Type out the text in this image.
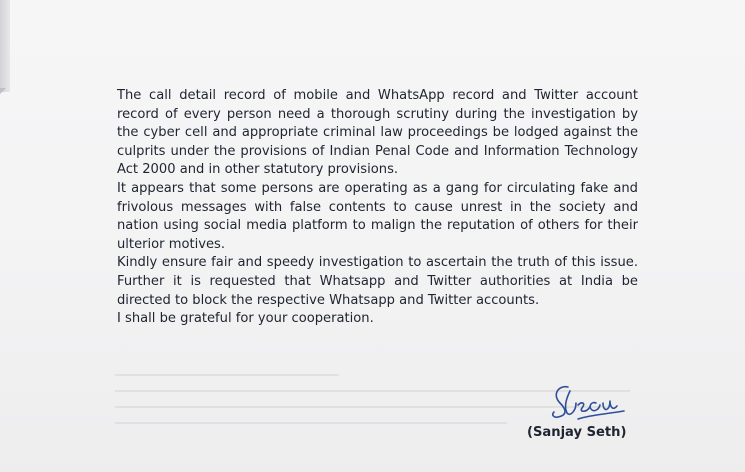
The call detail record of mobile and WhatsApp record and Twitter account record of every person need a thorough scrutiny during the investigation by the cyber cell and appropriate criminal law proceedings be lodged against the culprits under the provisions of Indian Penal Code and Information Technology Act 2000 and in other statutory provisions.

It appears that some persons are operating as a gang for circulating fake and frivolous messages with false contents to cause unrest in the society and nation using social media platform to malign the reputation of others for their ulterior motives.

Kindly ensure fair and speedy investigation to ascertain the truth of this issue. Further it is requested that Whatsapp and Twitter authorities at India be directed to block the respective Whatsapp and Twitter accounts.

I shall be grateful for your cooperation.

(Sanjay Seth)
